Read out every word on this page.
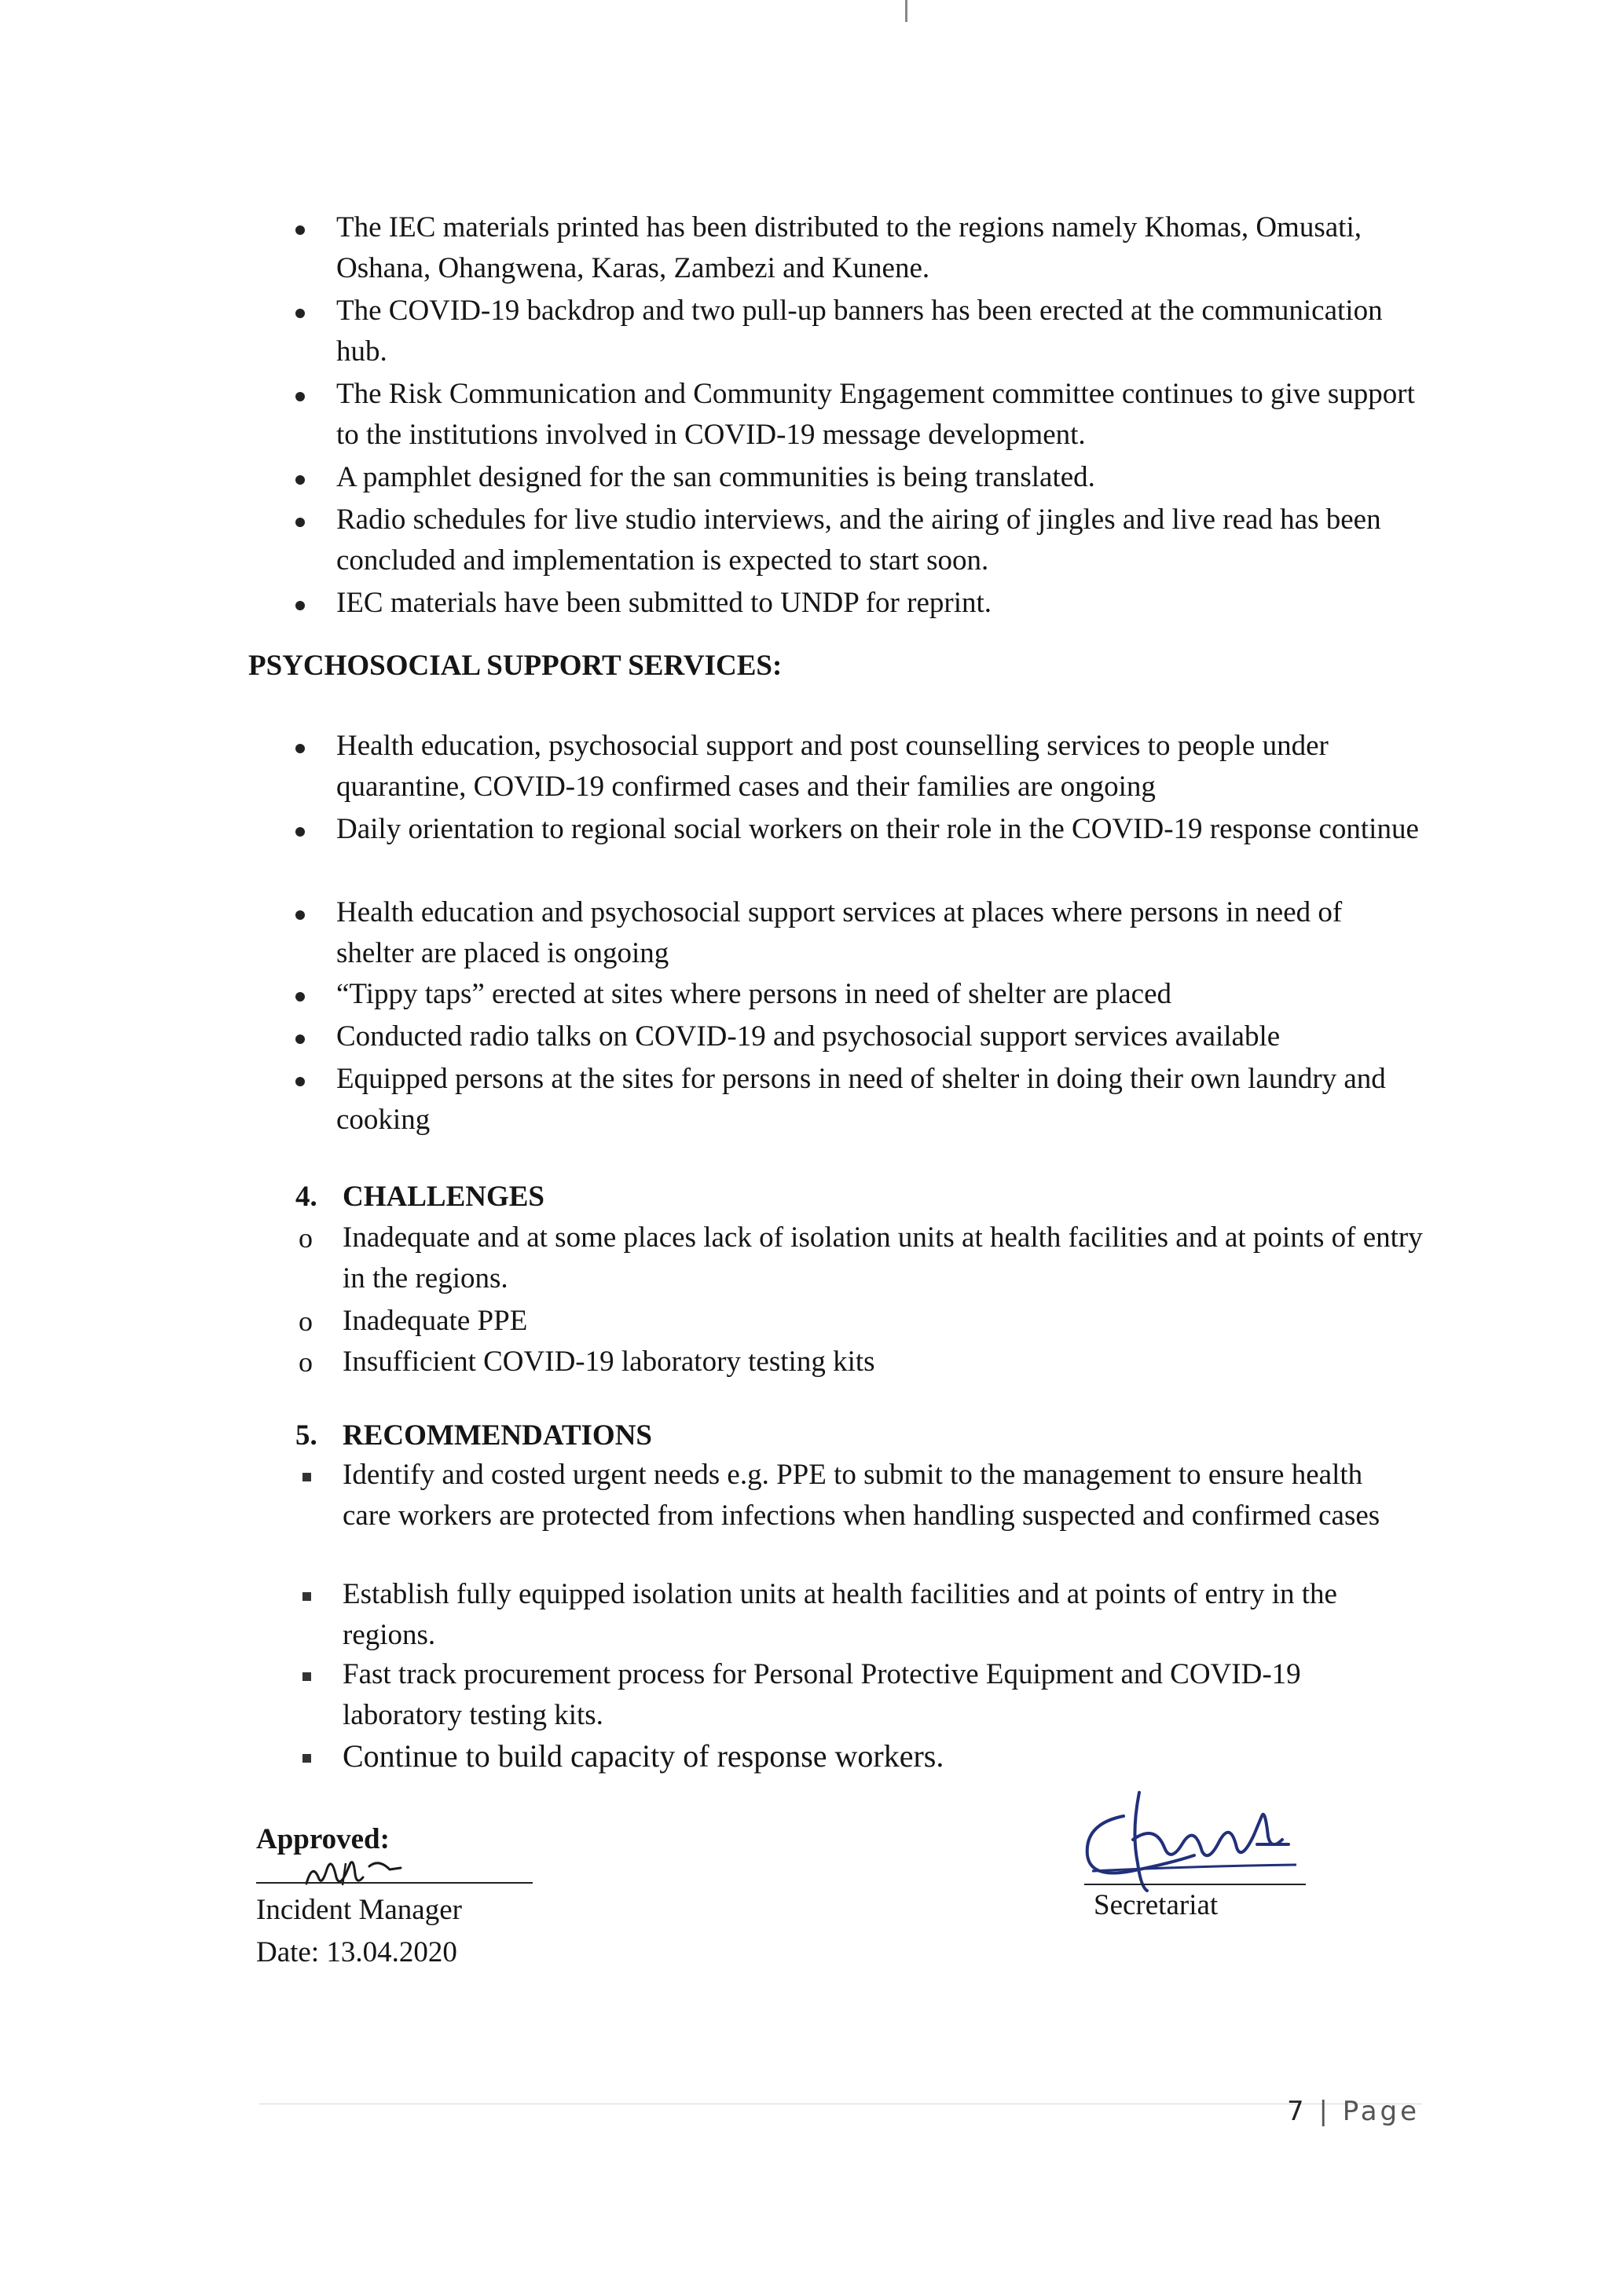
The IEC materials printed has been distributed to the regions namely Khomas, Omusati, Oshana, Ohangwena, Karas, Zambezi and Kunene.
The COVID-19 backdrop and two pull-up banners has been erected at the communication hub.
The Risk Communication and Community Engagement committee continues to give support to the institutions involved in COVID-19 message development.
A pamphlet designed for the san communities is being translated.
Radio schedules for live studio interviews, and the airing of jingles and live read has been concluded and implementation is expected to start soon.
IEC materials have been submitted to UNDP for reprint.
PSYCHOSOCIAL SUPPORT SERVICES:
Health education, psychosocial support and post counselling services to people under quarantine, COVID-19 confirmed cases and their families are ongoing
Daily orientation to regional social workers on their role in the COVID-19 response continue
Health education and psychosocial support services at places where persons in need of shelter are placed is ongoing
“Tippy taps” erected at sites where persons in need of shelter are placed
Conducted radio talks on COVID-19 and psychosocial support services available
Equipped persons at the sites for persons in need of shelter in doing their own laundry and cooking
4. CHALLENGES
o	Inadequate and at some places lack of isolation units at health facilities and at points of entry in the regions.
o	Inadequate PPE
o	Insufficient COVID-19 laboratory testing kits
5. RECOMMENDATIONS
Identify and costed urgent needs e.g. PPE to submit to the management to ensure health care workers are protected from infections when handling suspected and confirmed cases
Establish fully equipped isolation units at health facilities and at points of entry in the regions.
Fast track procurement process for Personal Protective Equipment and COVID-19 laboratory testing kits.
Continue to build capacity of response workers.
Approved:
Incident Manager
Date: 13.04.2020
Secretariat
7 | Page
